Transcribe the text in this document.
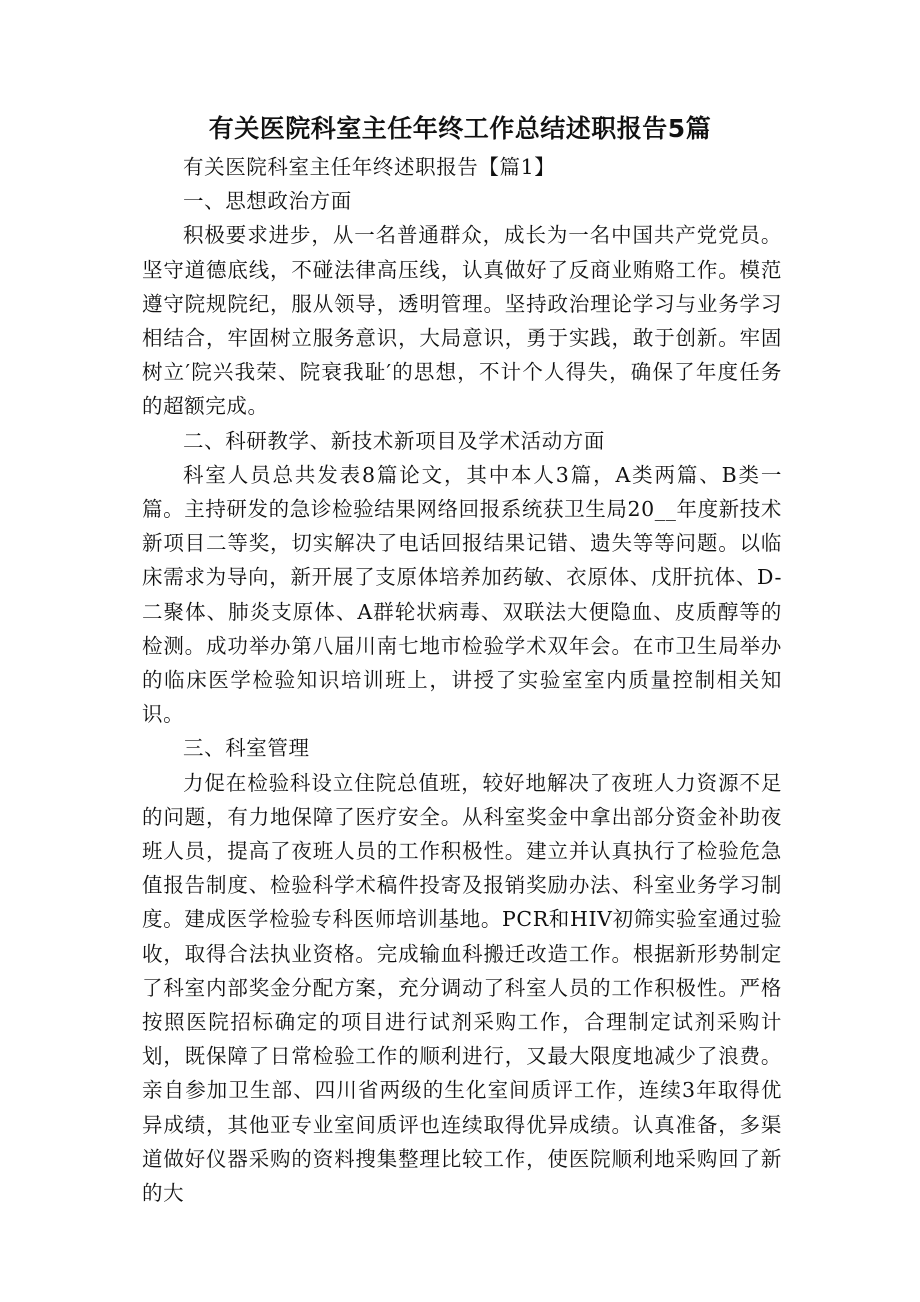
有关医院科室主任年终工作总结述职报告5篇

有关医院科室主任年终述职报告【篇1】

一、思想政治方面

积极要求进步，从一名普通群众，成长为一名中国共产党党员。坚守道德底线，不碰法律高压线，认真做好了反商业贿赂工作。模范遵守院规院纪，服从领导，透明管理。坚持政治理论学习与业务学习相结合，牢固树立服务意识，大局意识，勇于实践，敢于创新。牢固树立′院兴我荣、院衰我耻′的思想，不计个人得失，确保了年度任务的超额完成。

二、科研教学、新技术新项目及学术活动方面

科室人员总共发表8篇论文，其中本人3篇，A类两篇、B类一篇。主持研发的急诊检验结果网络回报系统获卫生局20__年度新技术新项目二等奖，切实解决了电话回报结果记错、遗失等等问题。以临床需求为导向，新开展了支原体培养加药敏、衣原体、戊肝抗体、D-二聚体、肺炎支原体、A群轮状病毒、双联法大便隐血、皮质醇等的检测。成功举办第八届川南七地市检验学术双年会。在市卫生局举办的临床医学检验知识培训班上，讲授了实验室室内质量控制相关知识。

三、科室管理

力促在检验科设立住院总值班，较好地解决了夜班人力资源不足的问题，有力地保障了医疗安全。从科室奖金中拿出部分资金补助夜班人员，提高了夜班人员的工作积极性。建立并认真执行了检验危急值报告制度、检验科学术稿件投寄及报销奖励办法、科室业务学习制度。建成医学检验专科医师培训基地。PCR和HIV初筛实验室通过验收，取得合法执业资格。完成输血科搬迁改造工作。根据新形势制定了科室内部奖金分配方案，充分调动了科室人员的工作积极性。严格按照医院招标确定的项目进行试剂采购工作，合理制定试剂采购计划，既保障了日常检验工作的顺利进行，又最大限度地减少了浪费。亲自参加卫生部、四川省两级的生化室间质评工作，连续3年取得优异成绩，其他亚专业室间质评也连续取得优异成绩。认真准备，多渠道做好仪器采购的资料搜集整理比较工作，使医院顺利地采购回了新的大
